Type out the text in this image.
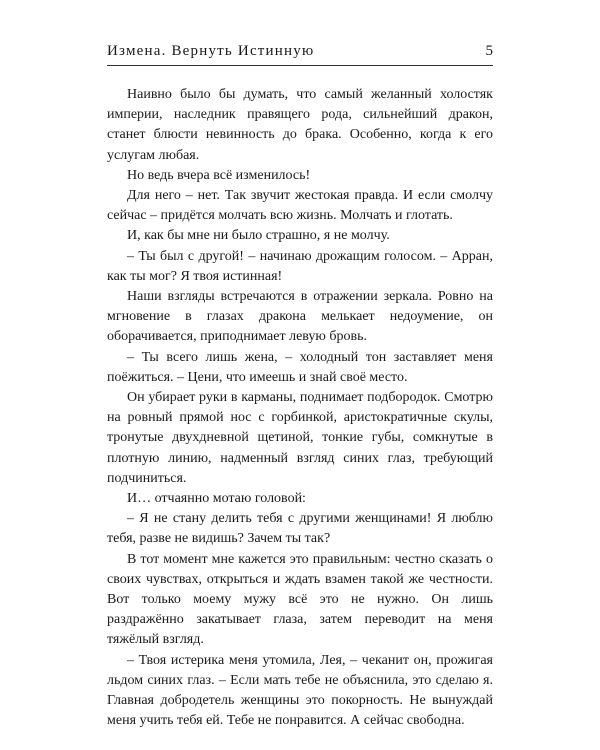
Измена. Вернуть Истинную	5

Наивно было бы думать, что самый желанный холостяк империи, наследник правящего рода, сильнейший дракон, станет блюсти невинность до брака. Особенно, когда к его услугам любая.

Но ведь вчера всё изменилось!

Для него – нет. Так звучит жестокая правда. И если смолчу сейчас – придётся молчать всю жизнь. Молчать и глотать.

И, как бы мне ни было страшно, я не молчу.

– Ты был с другой! – начинаю дрожащим голосом. – Арран, как ты мог? Я твоя истинная!

Наши взгляды встречаются в отражении зеркала. Ровно на мгновение в глазах дракона мелькает недоумение, он оборачивается, приподнимает левую бровь.

– Ты всего лишь жена, – холодный тон заставляет меня поёжиться. – Цени, что имеешь и знай своё место.

Он убирает руки в карманы, поднимает подбородок. Смотрю на ровный прямой нос с горбинкой, аристократичные скулы, тронутые двухдневной щетиной, тонкие губы, сомкнутые в плотную линию, надменный взгляд синих глаз, требующий подчиниться.

И… отчаянно мотаю головой:

– Я не стану делить тебя с другими женщинами! Я люблю тебя, разве не видишь? Зачем ты так?

В тот момент мне кажется это правильным: честно сказать о своих чувствах, открыться и ждать взамен такой же честности. Вот только моему мужу всё это не нужно. Он лишь раздражённо закатывает глаза, затем переводит на меня тяжёлый взгляд.

– Твоя истерика меня утомила, Лея, – чеканит он, прожигая льдом синих глаз. – Если мать тебе не объяснила, это сделаю я. Главная добродетель женщины это покорность. Не вынуждай меня учить тебя ей. Тебе не понравится. А сейчас свободна.
